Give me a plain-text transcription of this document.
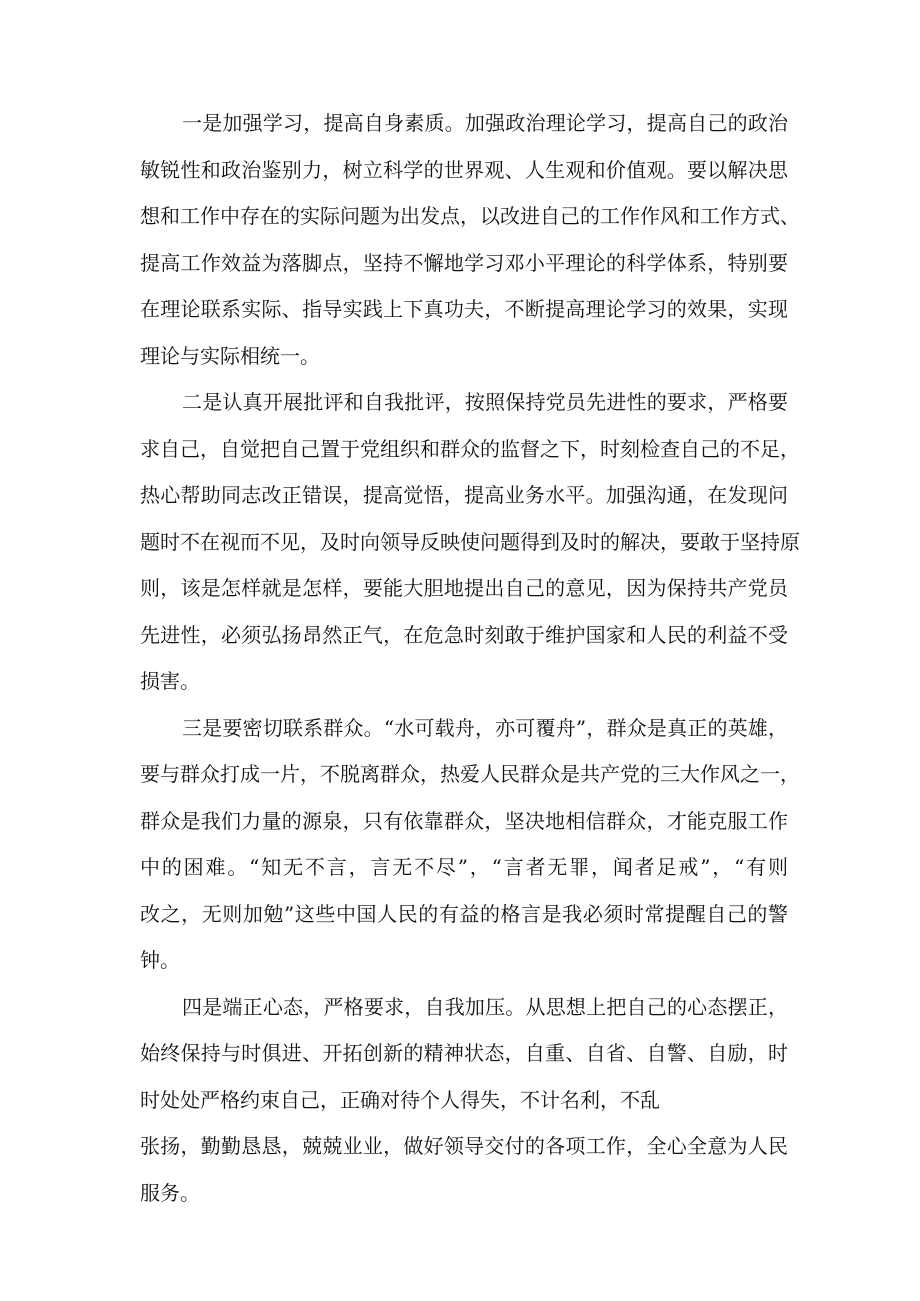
一是加强学习，提高自身素质。加强政治理论学习，提高自己的政治
敏锐性和政治鉴别力，树立科学的世界观、人生观和价值观。要以解决思
想和工作中存在的实际问题为出发点，以改进自己的工作作风和工作方式、
提高工作效益为落脚点，坚持不懈地学习邓小平理论的科学体系，特别要
在理论联系实际、指导实践上下真功夫，不断提高理论学习的效果，实现
理论与实际相统一。
二是认真开展批评和自我批评，按照保持党员先进性的要求，严格要
求自己，自觉把自己置于党组织和群众的监督之下，时刻检查自己的不足，
热心帮助同志改正错误，提高觉悟，提高业务水平。加强沟通，在发现问
题时不在视而不见，及时向领导反映使问题得到及时的解决，要敢于坚持原
则，该是怎样就是怎样，要能大胆地提出自己的意见，因为保持共产党员
先进性，必须弘扬昂然正气，在危急时刻敢于维护国家和人民的利益不受
损害。
三是要密切联系群众。“水可载舟，亦可覆舟”，群众是真正的英雄，
要与群众打成一片，不脱离群众，热爱人民群众是共产党的三大作风之一，
群众是我们力量的源泉，只有依靠群众，坚决地相信群众，才能克服工作
中的困难。“知无不言，言无不尽”，“言者无罪，闻者足戒”，“有则
改之，无则加勉”这些中国人民的有益的格言是我必须时常提醒自己的警
钟。
四是端正心态，严格要求，自我加压。从思想上把自己的心态摆正，
始终保持与时俱进、开拓创新的精神状态，自重、自省、自警、自励，时
时处处严格约束自己，正确对待个人得失，不计名利，不乱
张扬，勤勤恳恳，兢兢业业，做好领导交付的各项工作，全心全意为人民
服务。
